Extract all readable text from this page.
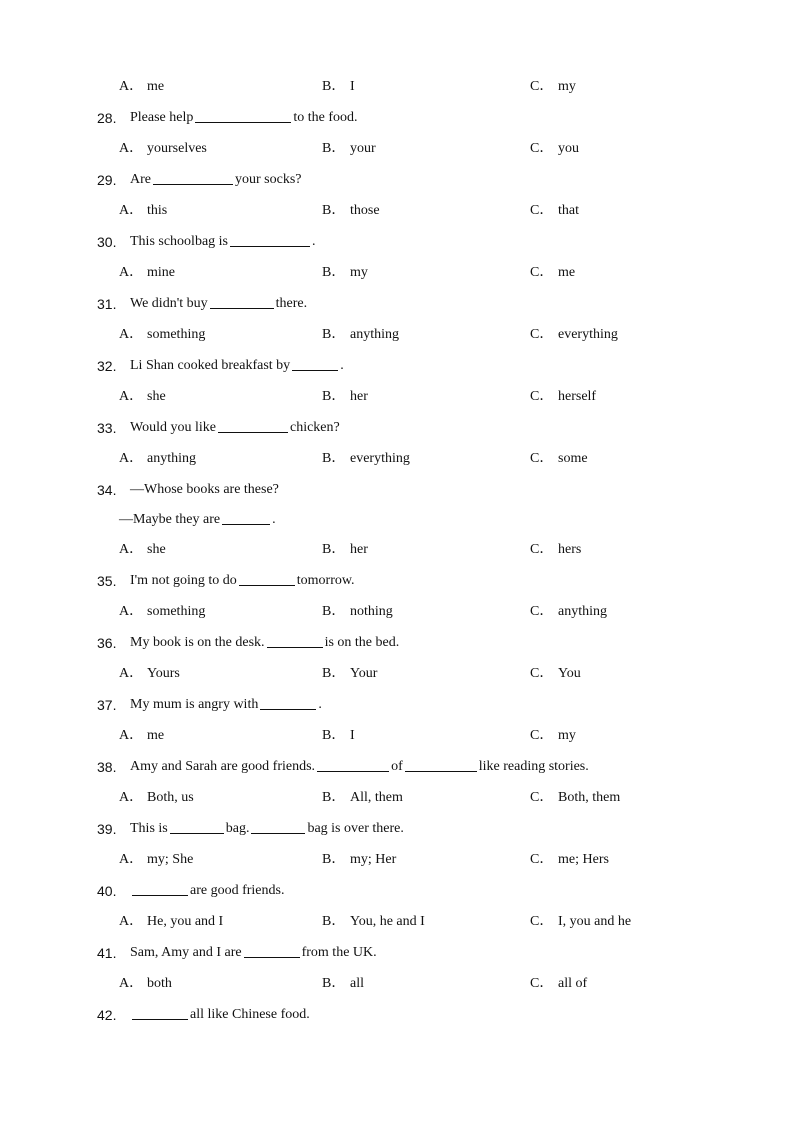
A． me	B． I	C． my
28. Please help	to the food.
A． yourselves	B． your	C． you
29. Are	your socks?
A． this	B． those	C． that
30. This schoolbag is	.
A． mine	B． my	C． me
31. We didn't buy	there.
A． something	B． anything	C． everything
32. Li Shan cooked breakfast by	.
A． she	B． her	C． herself
33. Would you like	chicken?
A． anything	B． everything	C． some
34. —Whose books are these?
—Maybe they are	.
A． she	B． her	C． hers
35. I'm not going to do	tomorrow.
A． something	B． nothing	C． anything
36. My book is on the desk.	is on the bed.
A． Yours	B． Your	C． You
37. My mum is angry with	.
A． me	B． I	C． my
38. Amy and Sarah are good friends.	of	like reading stories.
A． Both, us	B． All, them	C． Both, them
39. This is	bag.	bag is over there.
A． my; She	B． my; Her	C． me; Hers
40.	are good friends.
A． He, you and I	B． You, he and I	C． I, you and he
41. Sam, Amy and I are	from the UK.
A． both	B． all	C． all of
42.	all like Chinese food.
